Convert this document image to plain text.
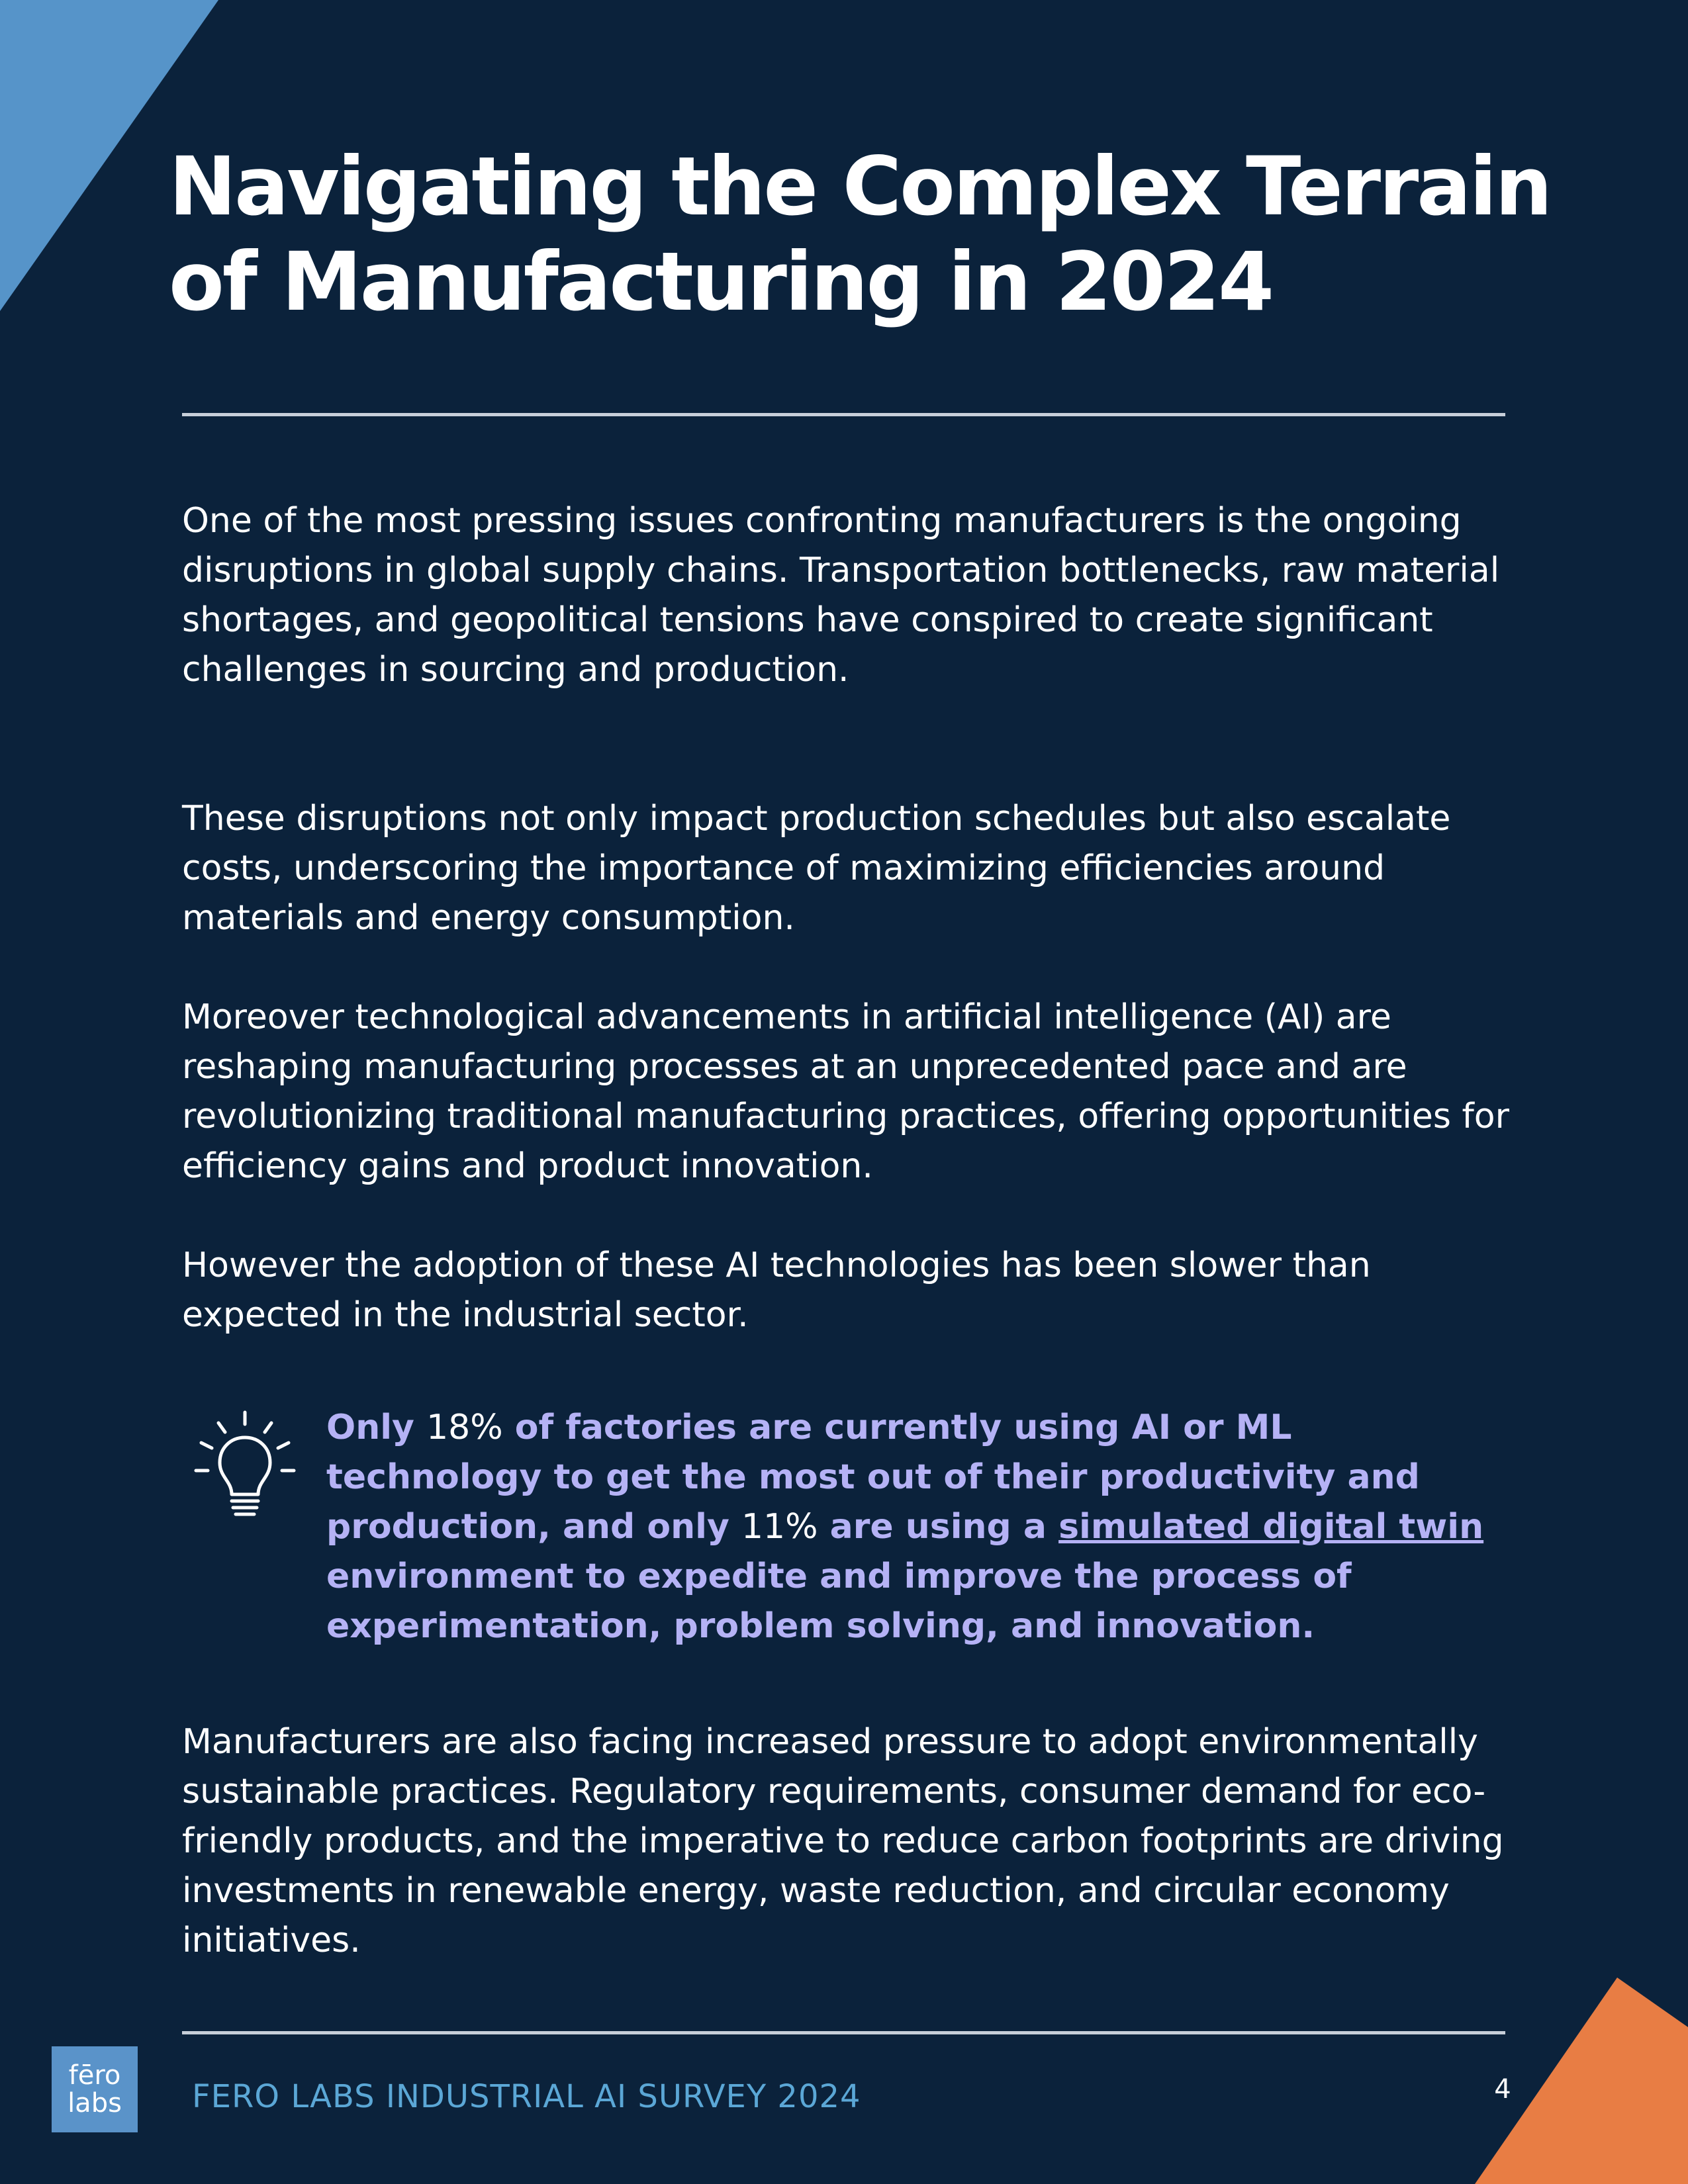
Navigating the Complex Terrain of Manufacturing in 2024

One of the most pressing issues confronting manufacturers is the ongoing disruptions in global supply chains. Transportation bottlenecks, raw material shortages, and geopolitical tensions have conspired to create significant challenges in sourcing and production.

These disruptions not only impact production schedules but also escalate costs, underscoring the importance of maximizing efficiencies around materials and energy consumption.

Moreover technological advancements in artificial intelligence (AI) are reshaping manufacturing processes at an unprecedented pace and are revolutionizing traditional manufacturing practices, offering opportunities for efficiency gains and product innovation.

However the adoption of these AI technologies has been slower than expected in the industrial sector.

Only 18% of factories are currently using AI or ML technology to get the most out of their productivity and production, and only 11% are using a simulated digital twin environment to expedite and improve the process of experimentation, problem solving, and innovation.

Manufacturers are also facing increased pressure to adopt environmentally sustainable practices. Regulatory requirements, consumer demand for eco-friendly products, and the imperative to reduce carbon footprints are driving investments in renewable energy, waste reduction, and circular economy initiatives.

fēro
labs FERO LABS INDUSTRIAL AI SURVEY 2024	4
